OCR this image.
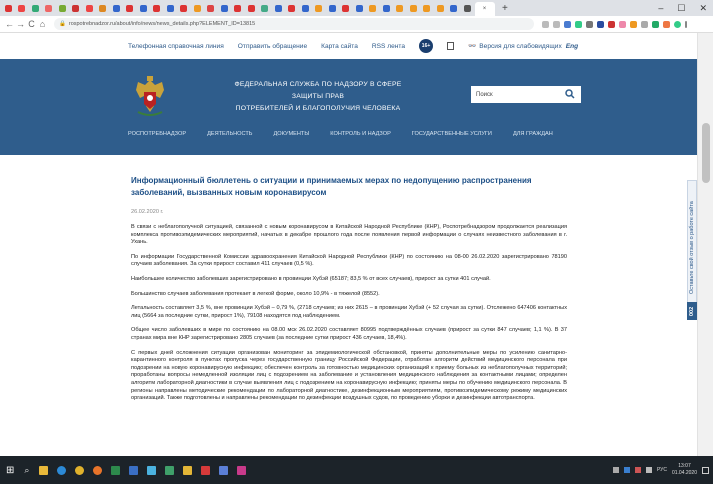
× +	– ☐ ✕
← → C ⌂	🔒 rospotrebnadzor.ru/about/info/news/news_details.php?ELEMENT_ID=13815
Телефонная справочная линия Отправить обращение Карта сайта RSS лента	16+	👓 Версия для слабовидящих Eng
ФЕДЕРАЛЬНАЯ СЛУЖБА ПО НАДЗОРУ В СФЕРЕ ЗАЩИТЫ ПРАВ
ПОТРЕБИТЕЛЕЙ И БЛАГОПОЛУЧИЯ ЧЕЛОВЕКА
Поиск
РОСПОТРЕБНАДЗОР	ДЕЯТЕЛЬНОСТЬ	ДОКУМЕНТЫ	КОНТРОЛЬ И НАДЗОР	ГОСУДАРСТВЕННЫЕ УСЛУГИ	ДЛЯ ГРАЖДАН
Информационный бюллетень о ситуации и принимаемых мерах по недопущению распространения заболеваний, вызванных новым коронавирусом
26.02.2020 г.

В связи с неблагополучной ситуацией, связанной с новым коронавирусом в Китайской Народной Республике (КНР), Роспотребнадзором продолжается реализация комплекса противоэпидемических мероприятий, начатых в декабре прошлого года после появления первой информации о случаях неизвестного заболевания в г. Ухань.

По информации Государственной Комиссии здравоохранения Китайской Народной Республики (КНР) по состоянию на 08-00 26.02.2020 зарегистрировано 78190 случаев заболевания. За сутки прирост составил 411 случаев (0,5 %).

Наибольшее количество заболевших зарегистрировано в провинции Хубэй (65187; 83,5 % от всех случаев), прирост за сутки 401 случай.

Большинство случаев заболевания протекает в легкой форме, около 10,9% - в тяжелой (8552).

Летальность составляет 3,5 %, вне провинции Хубэй – 0,79 %, (2718 случаев; из них 2615 – в провинции Хубэй (+ 52 случая за сутки). Отслежено 647406 контактных лиц (5664 за последние сутки, прирост 1%), 79108 находятся под наблюдением.

Общее число заболевших в мире по состоянию на 08.00 мск 26.02.2020 составляет 80995 подтверждённых случаев (прирост за сутки 847 случаев; 1,1 %). В 37 странах мира вне КНР зарегистрировано 2805 случаев (за последние сутки прирост 436 случаев, 18,4%).

С первых дней осложнения ситуации организован мониторинг за эпидемиологической обстановкой, приняты дополнительные меры по усилению санитарно-карантинного контроля в пунктах пропуска через государственную границу Российской Федерации, отработан алгоритм действий медицинского персонала при подозрении на новую коронавирусную инфекцию; обеспечен контроль за готовностью медицинских организаций к приему больных из неблагополучных территорий; проработаны вопросы немедленной изоляции лиц с подозрением на заболевание и установления медицинского наблюдения за контактными лицами; определен алгоритм лабораторной диагностики в случае выявления лиц с подозрением на коронавирусную инфекцию; приняты меры по обучению медицинского персонала. В регионы направлены методические рекомендации по лабораторной диагностике, дезинфекционным мероприятиям, противоэпидемическому режиму медицинских организаций. Также подготовлены и направлены рекомендации по дезинфекции воздушных судов, по проведению уборки и дезинфекции автотранспорта.

Оставьте свой отзыв о работе сайта
002
⊞ ⌕	РУС
13:07
01.04.2020
